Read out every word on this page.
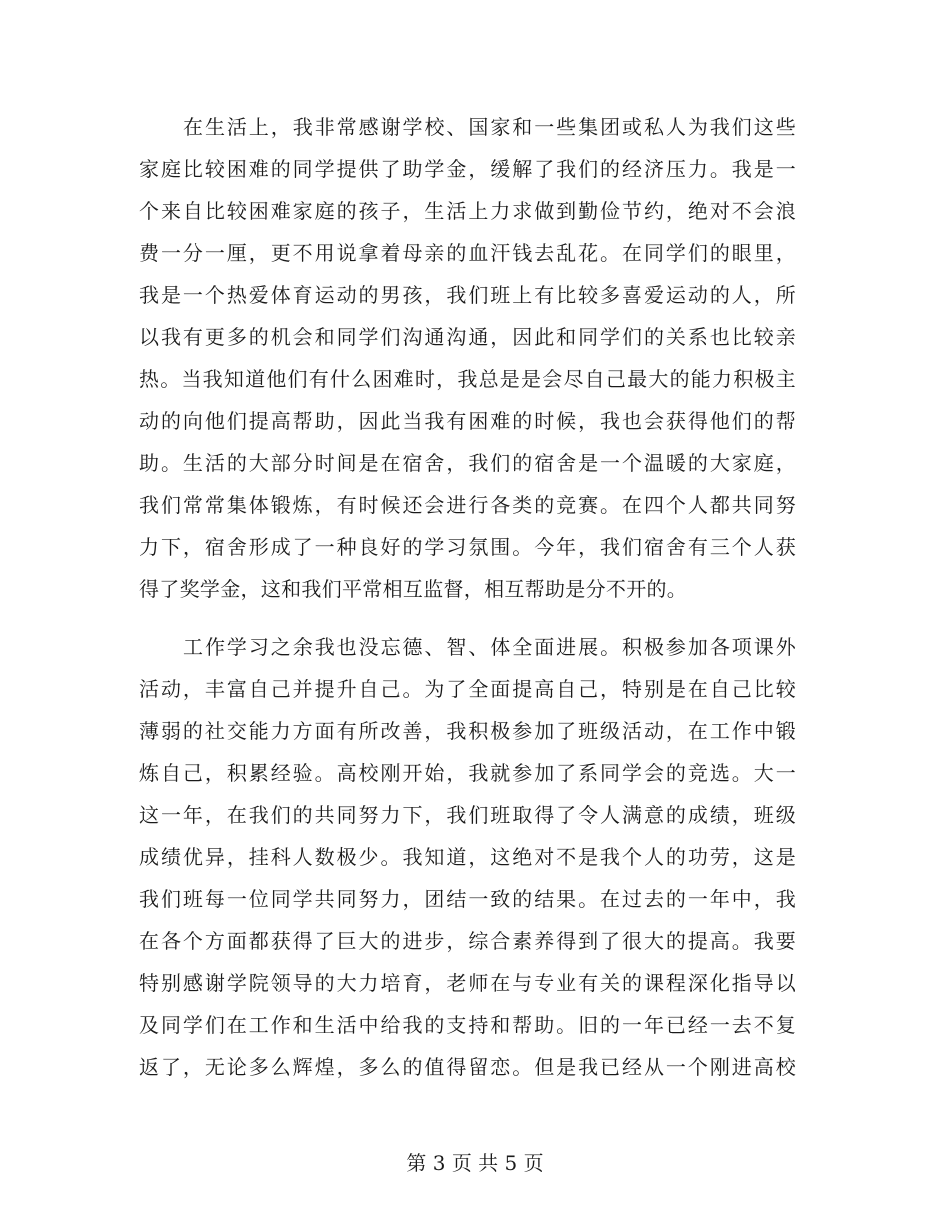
在生活上，我非常感谢学校、国家和一些集团或私人为我们这些
家庭比较困难的同学提供了助学金，缓解了我们的经济压力。我是一
个来自比较困难家庭的孩子，生活上力求做到勤俭节约，绝对不会浪
费一分一厘，更不用说拿着母亲的血汗钱去乱花。在同学们的眼里，
我是一个热爱体育运动的男孩，我们班上有比较多喜爱运动的人，所
以我有更多的机会和同学们沟通沟通，因此和同学们的关系也比较亲
热。当我知道他们有什么困难时，我总是是会尽自己最大的能力积极主
动的向他们提高帮助，因此当我有困难的时候，我也会获得他们的帮
助。生活的大部分时间是在宿舍，我们的宿舍是一个温暖的大家庭，
我们常常集体锻炼，有时候还会进行各类的竞赛。在四个人都共同努
力下，宿舍形成了一种良好的学习氛围。今年，我们宿舍有三个人获
得了奖学金，这和我们平常相互监督，相互帮助是分不开的。

工作学习之余我也没忘德、智、体全面进展。积极参加各项课外
活动，丰富自己并提升自己。为了全面提高自己，特别是在自己比较
薄弱的社交能力方面有所改善，我积极参加了班级活动，在工作中锻
炼自己，积累经验。高校刚开始，我就参加了系同学会的竞选。大一
这一年，在我们的共同努力下，我们班取得了令人满意的成绩，班级
成绩优异，挂科人数极少。我知道，这绝对不是我个人的功劳，这是
我们班每一位同学共同努力，团结一致的结果。在过去的一年中，我
在各个方面都获得了巨大的进步，综合素养得到了很大的提高。我要
特别感谢学院领导的大力培育，老师在与专业有关的课程深化指导以
及同学们在工作和生活中给我的支持和帮助。旧的一年已经一去不复
返了，无论多么辉煌，多么的值得留恋。但是我已经从一个刚进高校

第 3 页 共 5 页
